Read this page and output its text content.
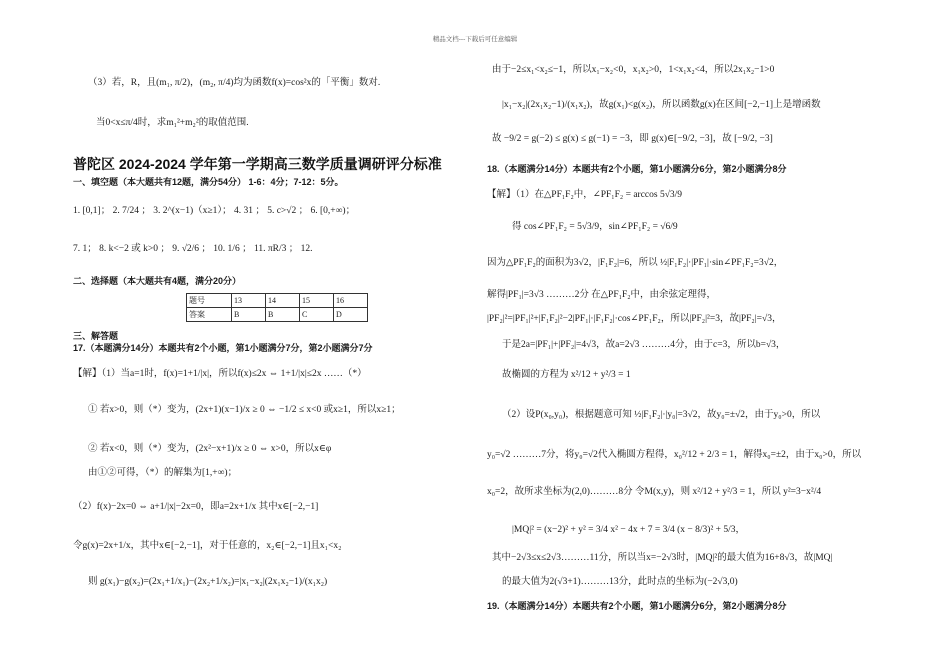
精品文档---下载后可任意编辑
（3）若，R，且(m₁, π/2)，(m₂, π/4)均为函数f(x)=cos²x的「平衡」数对.
当0<x≤π/4时，求m₁²+m₂²的取值范围.
普陀区 2024-2024 学年第一学期高三数学质量调研评分标准
一、填空题（本大题共有12题，满分54分） 1-6：4分；7-12：5分。
1. [0,1]； 2. 7/24 ； 3. 2^(x−1)（x≥1）； 4. 31 ； 5. c>√2 ； 6. [0,+∞)；
7. 1； 8. k<−2 或 k>0 ； 9. √2/6 ； 10. 1/6 ； 11. πR/3 ； 12.
二、选择题（本大题共有4题，满分20分）
题号	13	14	15	16
答案	B	B	C	D
三、解答题
17.（本题满分14分）本题共有2个小题，第1小题满分7分，第2小题满分7分
【解】（1）当a=1时，f(x)=1+1/|x|，所以f(x)≤2x ⇔ 1+1/|x|≤2x ……（*）
① 若x>0，则（*）变为，(2x+1)(x−1)/x ≥ 0 ⇔ −1/2 ≤ x<0 或x≥1，所以x≥1；
② 若x<0，则（*）变为，(2x²−x+1)/x ≥ 0 ⇔ x>0，所以x∈φ
由①②可得，（*）的解集为[1,+∞)；
（2）f(x)−2x=0 ⇔ a+1/|x|−2x=0，即a=2x+1/x 其中x∈[−2,−1]
令g(x)=2x+1/x，其中x∈[−2,−1]，对于任意的，x₂∈[−2,−1]且x₁<x₂
则 g(x₁)−g(x₂)=(2x₁+1/x₁)−(2x₂+1/x₂)=|x₁−x₂|(2x₁x₂−1)/(x₁x₂)
由于−2≤x₁<x₂≤−1，所以x₁−x₂<0，x₁x₂>0，1<x₁x₂<4，所以2x₁x₂−1>0
|x₁−x₂|(2x₁x₂−1)/(x₁x₂)，故g(x₁)<g(x₂)，所以函数g(x)在区间[−2,−1]上是增函数
故 −9/2 = g(−2) ≤ g(x) ≤ g(−1) = −3，即 g(x)∈[−9/2, −3]，故 [−9/2, −3]
18.（本题满分14分）本题共有2个小题，第1小题满分6分，第2小题满分8分
【解】（1）在△PF₁F₂中，∠PF₁F₂ = arccos 5√3/9
得 cos∠PF₁F₂ = 5√3/9，sin∠PF₁F₂ = √6/9
因为△PF₁F₂的面积为3√2，|F₁F₂|=6，所以 ½|F₁F₂|·|PF₁|·sin∠PF₁F₂=3√2，
解得|PF₁|=3√3 ………2分 在△PF₁F₂中，由余弦定理得，
|PF₂|²=|PF₁|²+|F₁F₂|²−2|PF₁|·|F₁F₂|·cos∠PF₁F₂，所以|PF₂|²=3，故|PF₂|=√3，
于是2a=|PF₁|+|PF₂|=4√3，故a=2√3 ………4分，由于c=3，所以b=√3，
故椭圆的方程为 x²/12 + y²/3 = 1
（2）设P(x₀,y₀)，根据题意可知 ½|F₁F₂|·|y₀|=3√2，故y₀=±√2，由于y₀>0，所以
y₀=√2 ………7分，将y₀=√2代入椭圆方程得，x₀²/12 + 2/3 = 1，解得x₀=±2，由于x₀>0，所以
x₀=2，故所求坐标为(2,0)………8分 令M(x,y)，则 x²/12 + y²/3 = 1，所以 y²=3−x²/4
|MQ|² = (x−2)² + y² = 3/4 x² − 4x + 7 = 3/4 (x − 8/3)² + 5/3，
其中−2√3≤x≤2√3………11分，所以当x=−2√3时，|MQ|²的最大值为16+8√3，故|MQ|
的最大值为2(√3+1)………13分，此时点的坐标为(−2√3,0)
19.（本题满分14分）本题共有2个小题，第1小题满分6分，第2小题满分8分
